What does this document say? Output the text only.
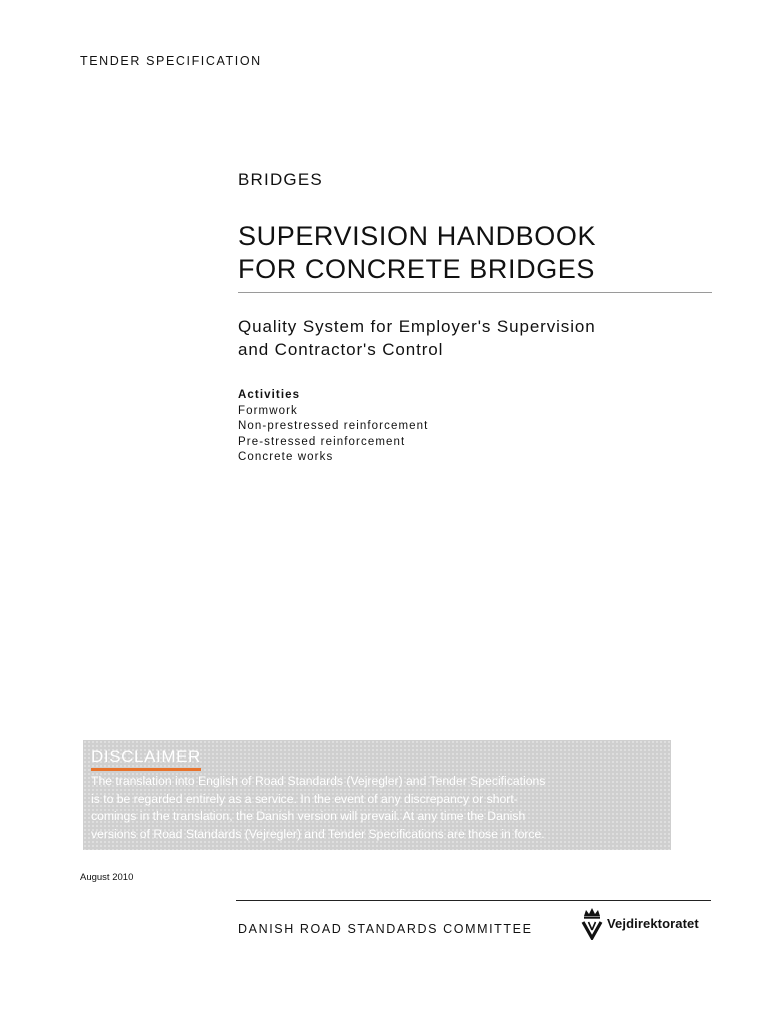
TENDER SPECIFICATION
BRIDGES
SUPERVISION HANDBOOK
FOR CONCRETE BRIDGES
Quality System for Employer's Supervision
and Contractor's Control
Activities
Formwork
Non-prestressed reinforcement
Pre-stressed reinforcement
Concrete works
DISCLAIMER
The translation into English of Road Standards (Vejregler) and Tender Specifications
is to be regarded entirely as a service. In the event of any discrepancy or short-
comings in the translation, the Danish version will prevail. At any time the Danish
versions of Road Standards (Vejregler) and Tender Specifications are those in force.
August 2010
DANISH ROAD STANDARDS COMMITTEE	Vejdirektoratet
